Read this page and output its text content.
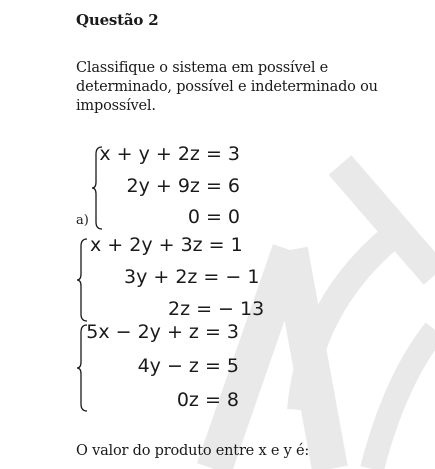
Questão 2
Classifique o sistema em possível e
determinado, possível e indeterminado ou
impossível.
a)
x + y + 2z = 3
2y + 9z = 6
0 = 0
x + 2y + 3z = 1
3y + 2z = − 1
2z = − 13
5x − 2y + z = 3
4y − z = 5
0z = 8
O valor do produto entre x e y é:
